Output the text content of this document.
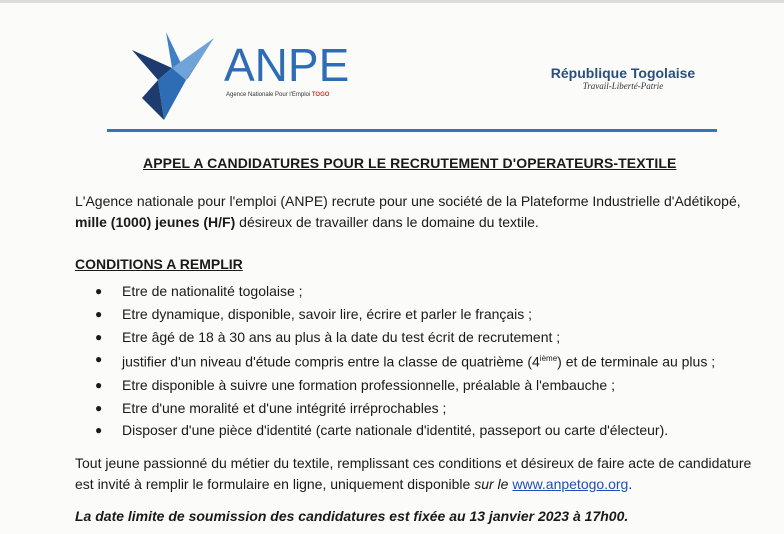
ANPE
Agence Nationale Pour l'Emploi TOGO
République Togolaise
Travail-Liberté-Patrie
APPEL A CANDIDATURES POUR LE RECRUTEMENT D'OPERATEURS-TEXTILE
L'Agence nationale pour l'emploi (ANPE) recrute pour une société de la Plateforme Industrielle d'Adétikopé,
mille (1000) jeunes (H/F) désireux de travailler dans le domaine du textile.
CONDITIONS A REMPLIR
● Etre de nationalité togolaise ;
● Etre dynamique, disponible, savoir lire, écrire et parler le français ;
● Etre âgé de 18 à 30 ans au plus à la date du test écrit de recrutement ;
● justifier d'un niveau d'étude compris entre la classe de quatrième (4ième) et de terminale au plus ;
● Etre disponible à suivre une formation professionnelle, préalable à l'embauche ;
● Etre d'une moralité et d'une intégrité irréprochables ;
● Disposer d'une pièce d'identité (carte nationale d'identité, passeport ou carte d'électeur).
Tout jeune passionné du métier du textile, remplissant ces conditions et désireux de faire acte de candidature
est invité à remplir le formulaire en ligne, uniquement disponible sur le www.anpetogo.org.
La date limite de soumission des candidatures est fixée au 13 janvier 2023 à 17h00.
